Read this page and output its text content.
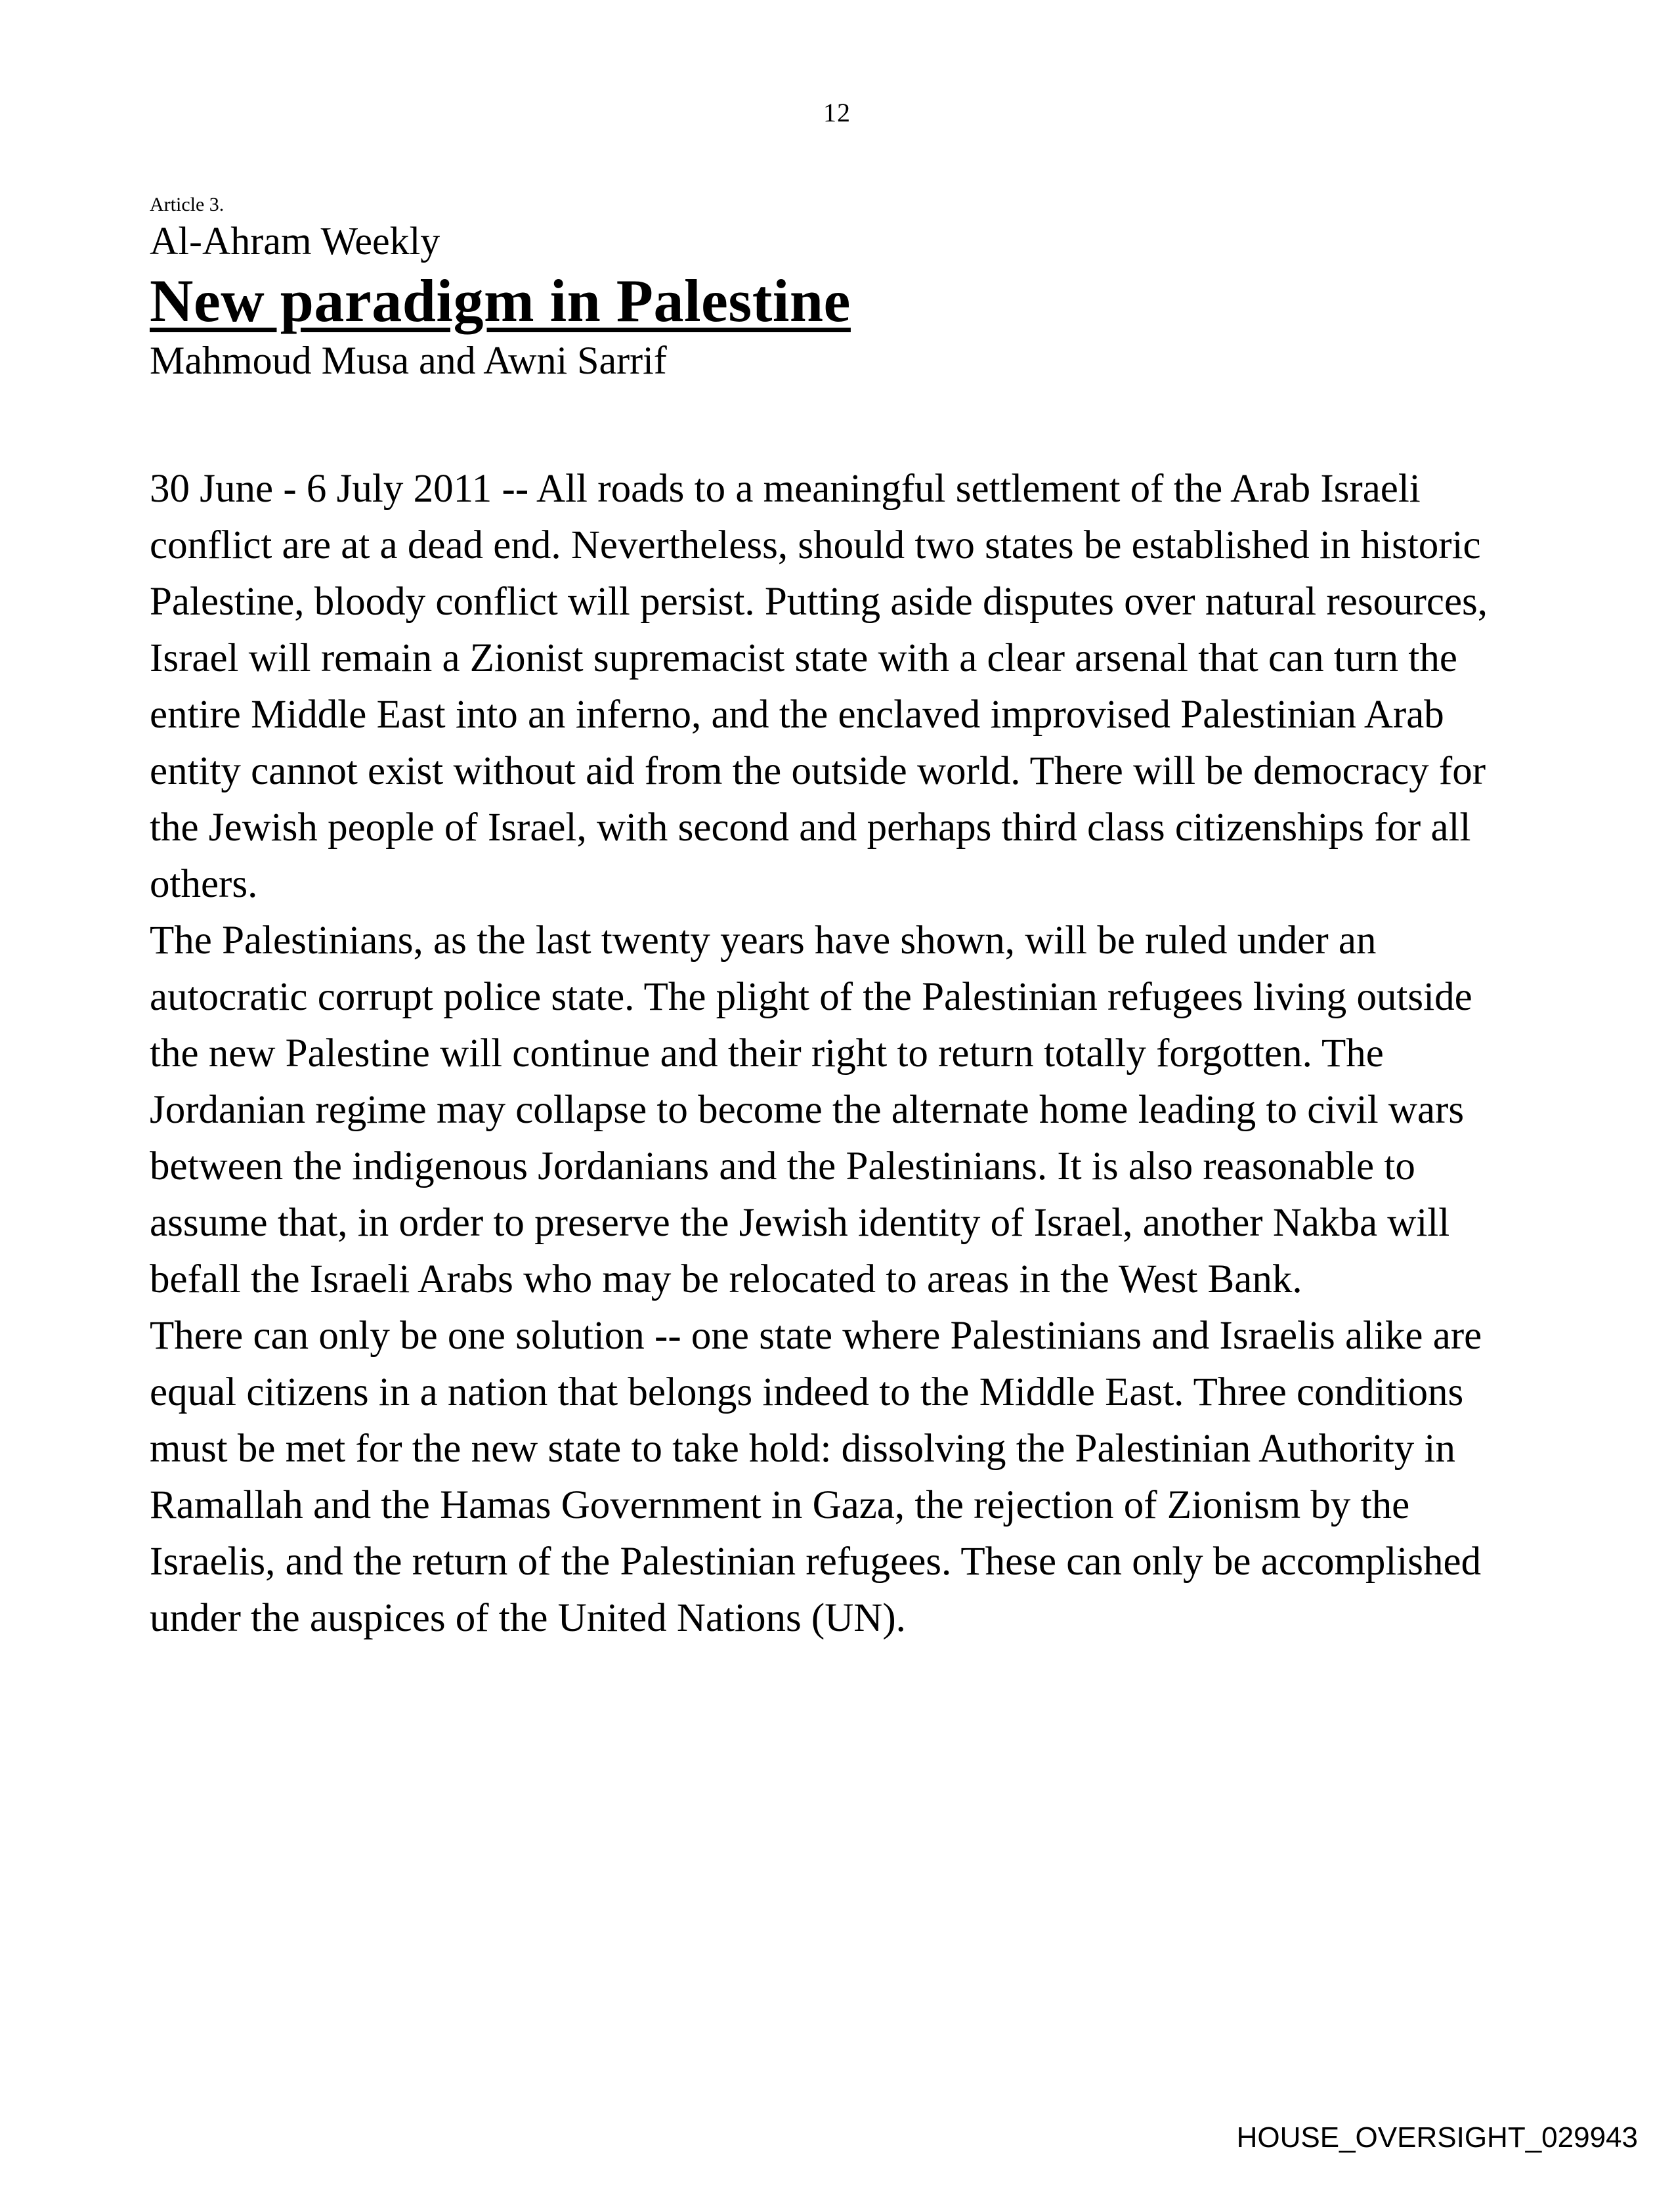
12
Article 3.
Al-Ahram Weekly
New paradigm in Palestine
Mahmoud Musa and Awni Sarrif

30 June - 6 July 2011 -- All roads to a meaningful settlement of the Arab Israeli conflict are at a dead end. Nevertheless, should two states be established in historic Palestine, bloody conflict will persist. Putting aside disputes over natural resources, Israel will remain a Zionist supremacist state with a clear arsenal that can turn the entire Middle East into an inferno, and the enclaved improvised Palestinian Arab entity cannot exist without aid from the outside world. There will be democracy for the Jewish people of Israel, with second and perhaps third class citizenships for all others.

The Palestinians, as the last twenty years have shown, will be ruled under an autocratic corrupt police state. The plight of the Palestinian refugees living outside the new Palestine will continue and their right to return totally forgotten. The Jordanian regime may collapse to become the alternate home leading to civil wars between the indigenous Jordanians and the Palestinians. It is also reasonable to assume that, in order to preserve the Jewish identity of Israel, another Nakba will befall the Israeli Arabs who may be relocated to areas in the West Bank.

There can only be one solution -- one state where Palestinians and Israelis alike are equal citizens in a nation that belongs indeed to the Middle East. Three conditions must be met for the new state to take hold: dissolving the Palestinian Authority in Ramallah and the Hamas Government in Gaza, the rejection of Zionism by the Israelis, and the return of the Palestinian refugees. These can only be accomplished under the auspices of the United Nations (UN).

HOUSE_OVERSIGHT_029943
